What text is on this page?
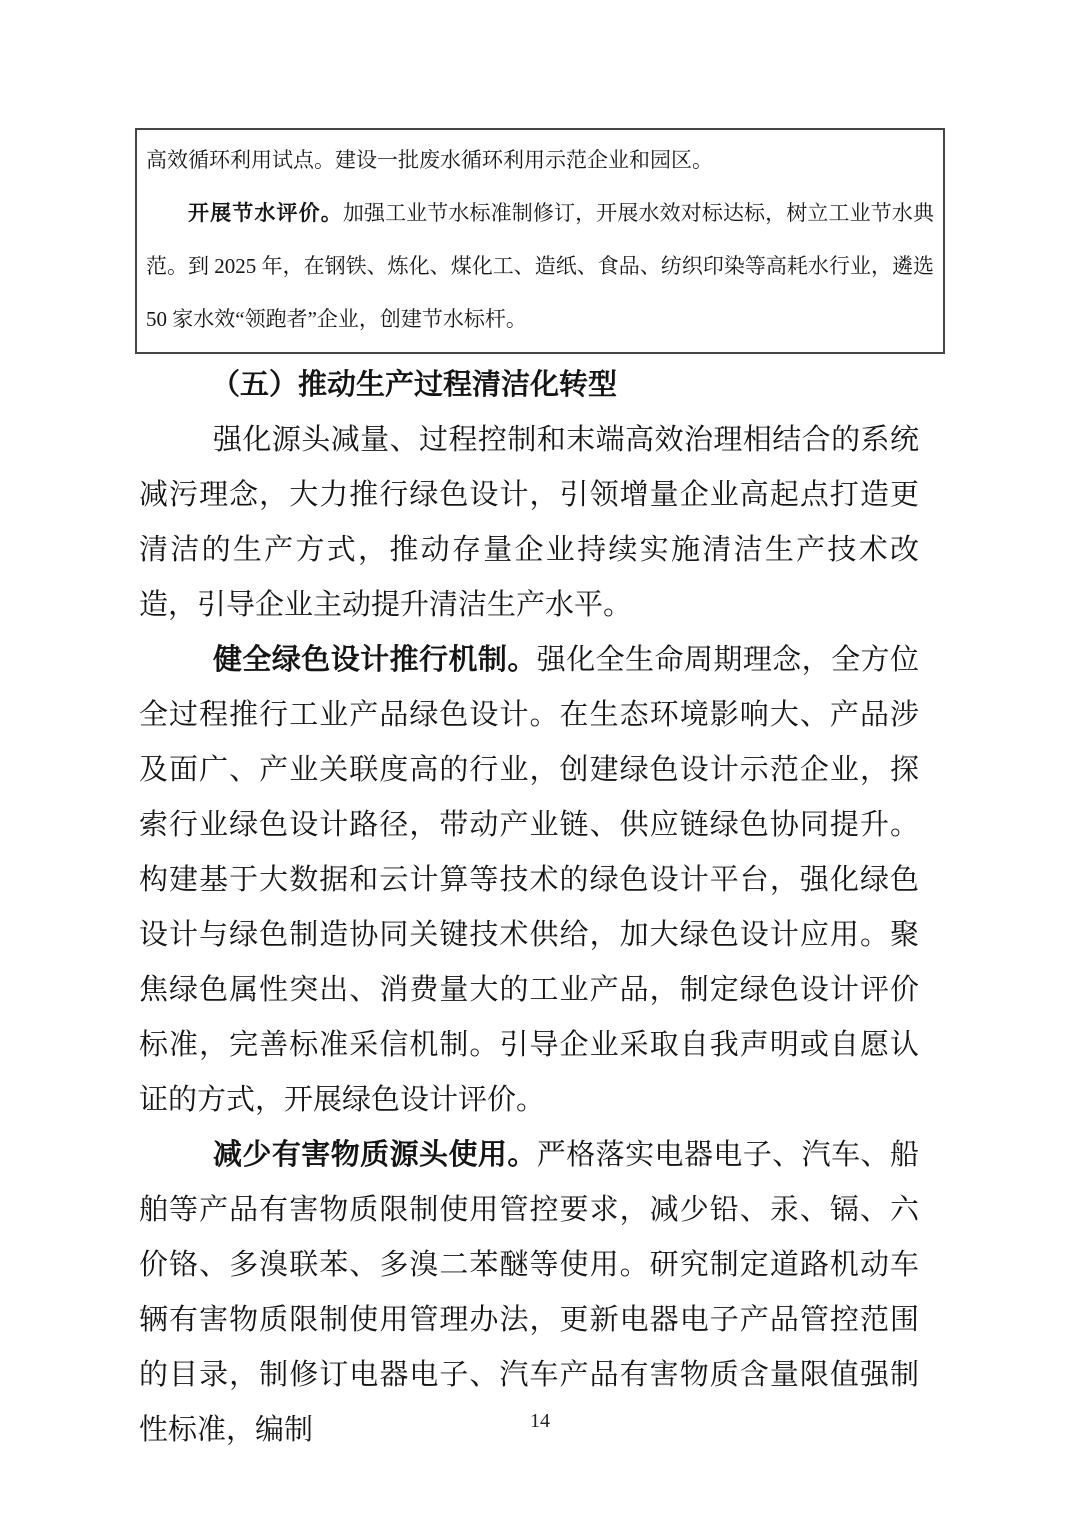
高效循环利用试点。建设一批废水循环利用示范企业和园区。

开展节水评价。加强工业节水标准制修订，开展水效对标达标，树立工业节水典范。到 2025 年，在钢铁、炼化、煤化工、造纸、食品、纺织印染等高耗水行业，遴选 50 家水效“领跑者”企业，创建节水标杆。

（五）推动生产过程清洁化转型

强化源头减量、过程控制和末端高效治理相结合的系统减污理念，大力推行绿色设计，引领增量企业高起点打造更清洁的生产方式，推动存量企业持续实施清洁生产技术改造，引导企业主动提升清洁生产水平。

健全绿色设计推行机制。强化全生命周期理念，全方位全过程推行工业产品绿色设计。在生态环境影响大、产品涉及面广、产业关联度高的行业，创建绿色设计示范企业，探索行业绿色设计路径，带动产业链、供应链绿色协同提升。构建基于大数据和云计算等技术的绿色设计平台，强化绿色设计与绿色制造协同关键技术供给，加大绿色设计应用。聚焦绿色属性突出、消费量大的工业产品，制定绿色设计评价标准，完善标准采信机制。引导企业采取自我声明或自愿认证的方式，开展绿色设计评价。

减少有害物质源头使用。严格落实电器电子、汽车、船舶等产品有害物质限制使用管控要求，减少铅、汞、镉、六价铬、多溴联苯、多溴二苯醚等使用。研究制定道路机动车辆有害物质限制使用管理办法，更新电器电子产品管控范围的目录，制修订电器电子、汽车产品有害物质含量限值强制性标准，编制	14
